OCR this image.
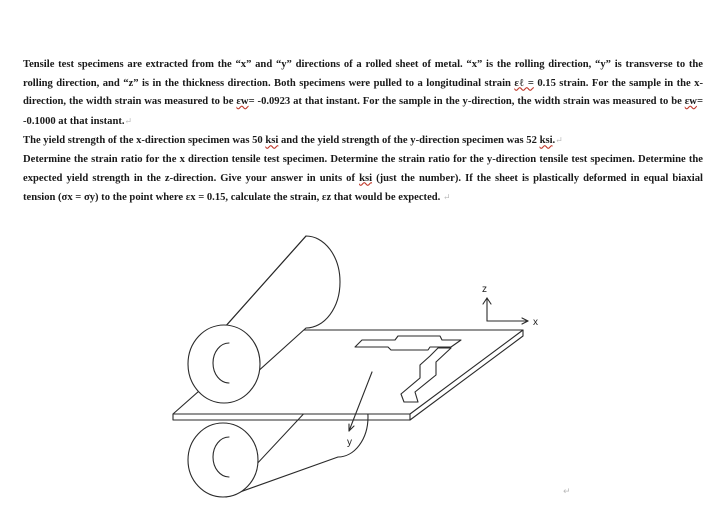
Tensile test specimens are extracted from the “x” and “y” directions of a rolled sheet of metal. “x” is the rolling direction, “y” is transverse to the rolling direction, and “z” is in the thickness direction. Both specimens were pulled to a longitudinal strain εℓ = 0.15 strain. For the sample in the x-direction, the width strain was measured to be εw= -0.0923 at that instant. For the sample in the y-direction, the width strain was measured to be εw= -0.1000 at that instant.↵
The yield strength of the x-direction specimen was 50 ksi and the yield strength of the y-direction specimen was 52 ksi.↵
Determine the strain ratio for the x direction tensile test specimen. Determine the strain ratio for the y-direction tensile test specimen. Determine the expected yield strength in the z-direction. Give your answer in units of ksi (just the number). If the sheet is plastically deformed in equal biaxial tension (σx = σy) to the point where εx = 0.15, calculate the strain, εz that would be expected. ↵
z
x
y
↵
